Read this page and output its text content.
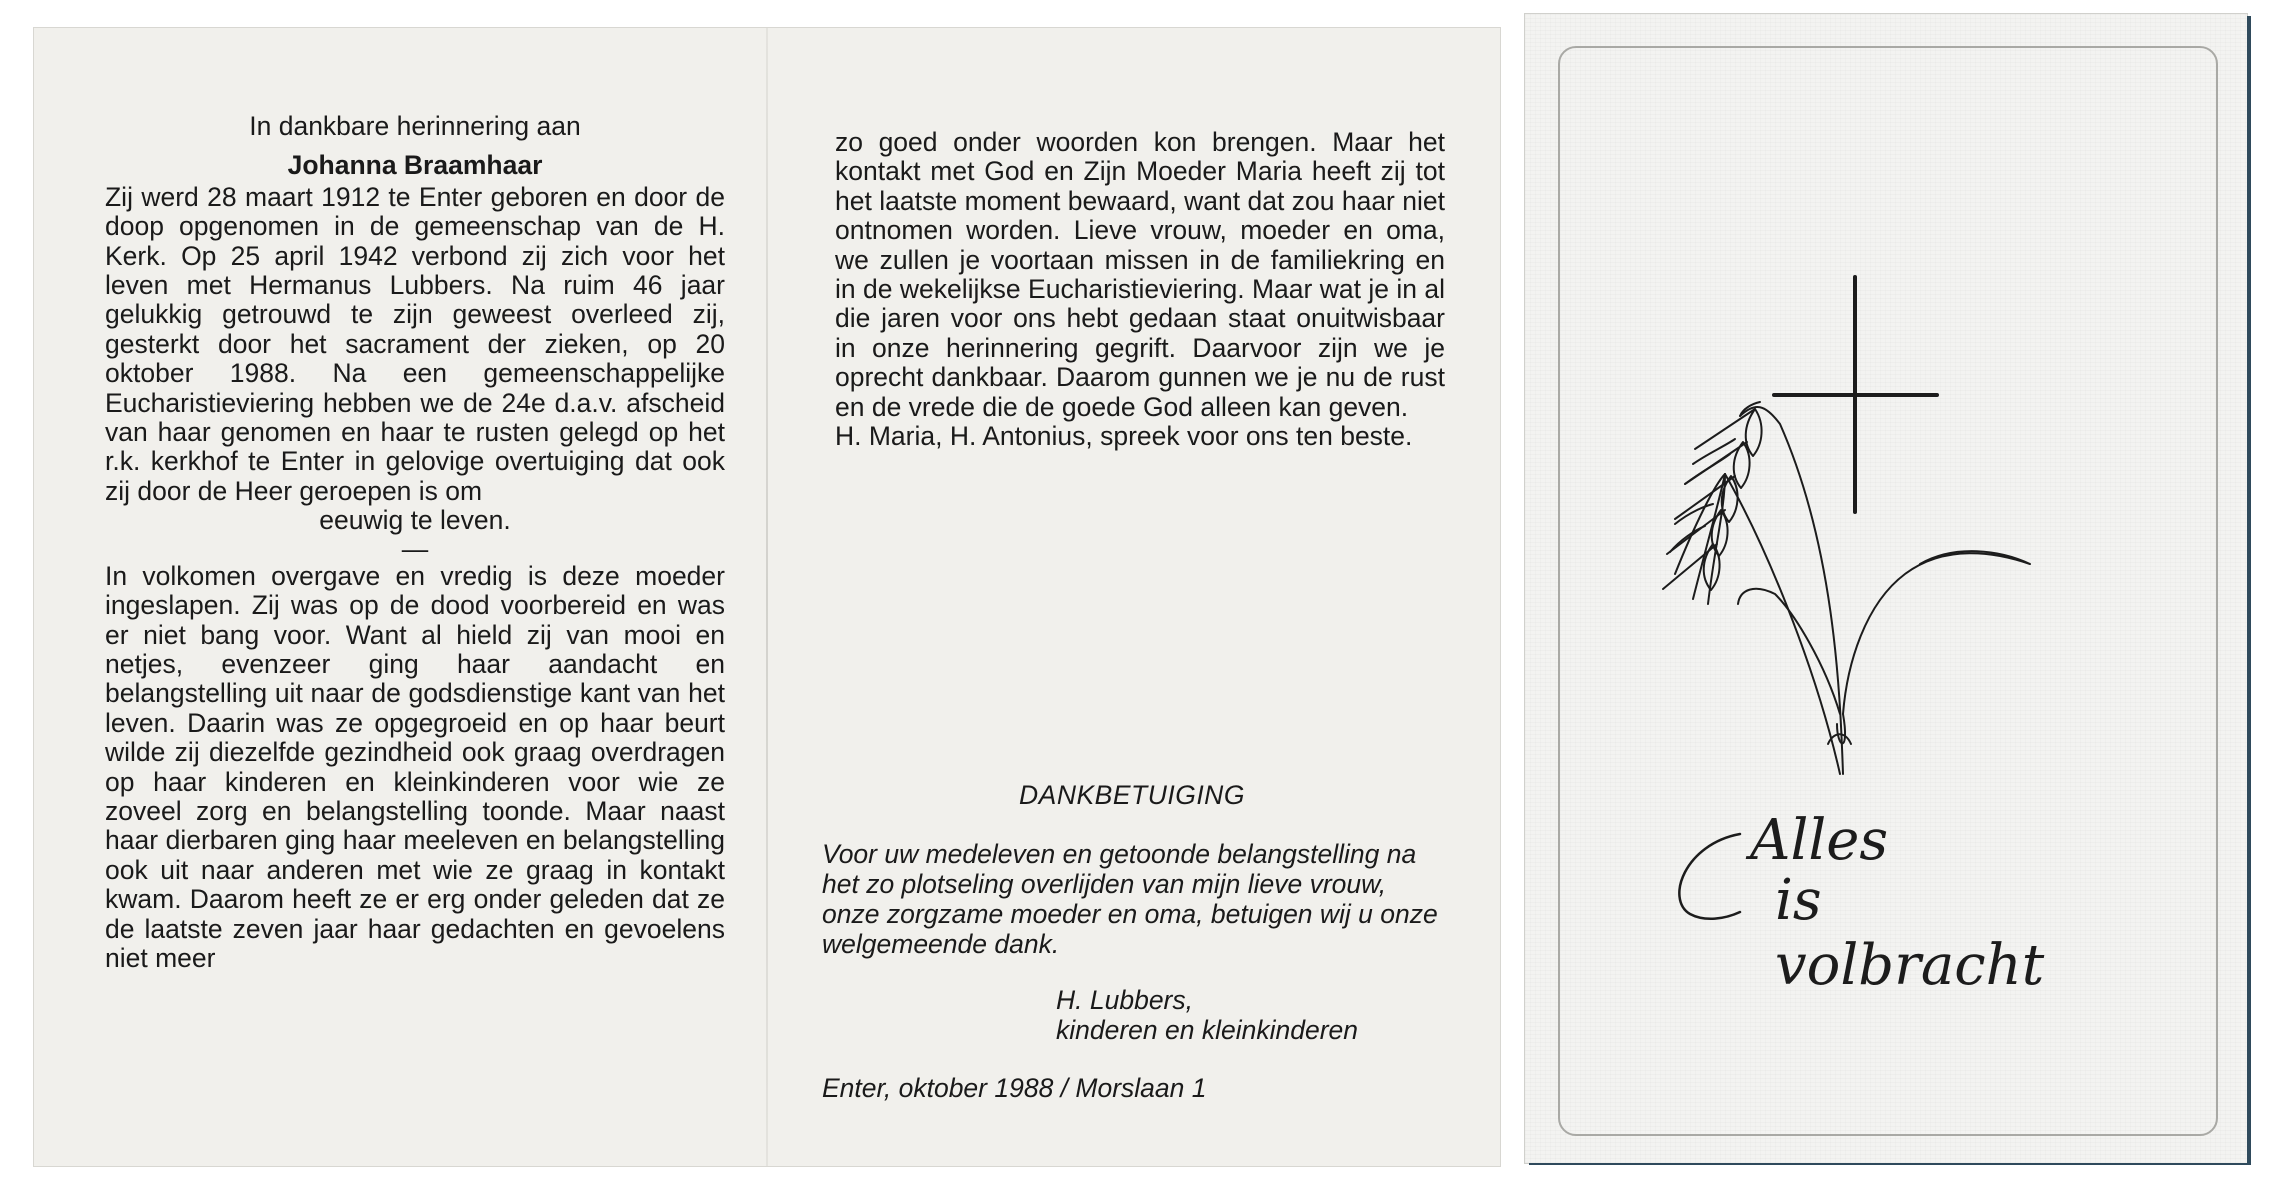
In dankbare herinnering aan

Johanna Braamhaar

Zij werd 28 maart 1912 te Enter geboren en door de doop opgenomen in de gemeenschap van de H. Kerk. Op 25 april 1942 verbond zij zich voor het leven met Hermanus Lubbers. Na ruim 46 jaar gelukkig getrouwd te zijn geweest overleed zij, gesterkt door het sacrament der zieken, op 20 oktober 1988. Na een gemeenschappelijke Eucharistieviering hebben we de 24e d.a.v. afscheid van haar genomen en haar te rusten gelegd op het r.k. kerkhof te Enter in gelovige overtuiging dat ook zij door de Heer geroepen is om

eeuwig te leven.

—

In volkomen overgave en vredig is deze moeder ingeslapen. Zij was op de dood voorbereid en was er niet bang voor. Want al hield zij van mooi en netjes, evenzeer ging haar aandacht en belangstelling uit naar de godsdienstige kant van het leven. Daarin was ze opgegroeid en op haar beurt wilde zij diezelfde gezindheid ook graag overdragen op haar kinderen en kleinkinderen voor wie ze zoveel zorg en belangstelling toonde. Maar naast haar dierbaren ging haar meeleven en belangstelling ook uit naar anderen met wie ze graag in kontakt kwam. Daarom heeft ze er erg onder geleden dat ze de laatste zeven jaar haar gedachten en gevoelens niet meer

zo goed onder woorden kon brengen. Maar het kontakt met God en Zijn Moeder Maria heeft zij tot het laatste moment bewaard, want dat zou haar niet ontnomen worden. Lieve vrouw, moeder en oma, we zullen je voortaan missen in de familiekring en in de wekelijkse Eucharistieviering. Maar wat je in al die jaren voor ons hebt gedaan staat onuitwisbaar in onze herinnering gegrift. Daarvoor zijn we je oprecht dankbaar. Daarom gunnen we je nu de rust en de vrede die de goede God alleen kan geven.

H. Maria, H. Antonius, spreek voor ons ten beste.

DANKBETUIGING

Voor uw medeleven en getoonde belangstelling na het zo plotseling overlijden van mijn lieve vrouw, onze zorgzame moeder en oma, betuigen wij u onze welgemeende dank.

H. Lubbers,
kinderen en kleinkinderen
Enter, oktober 1988 / Morslaan 1
Alles
is
volbracht
